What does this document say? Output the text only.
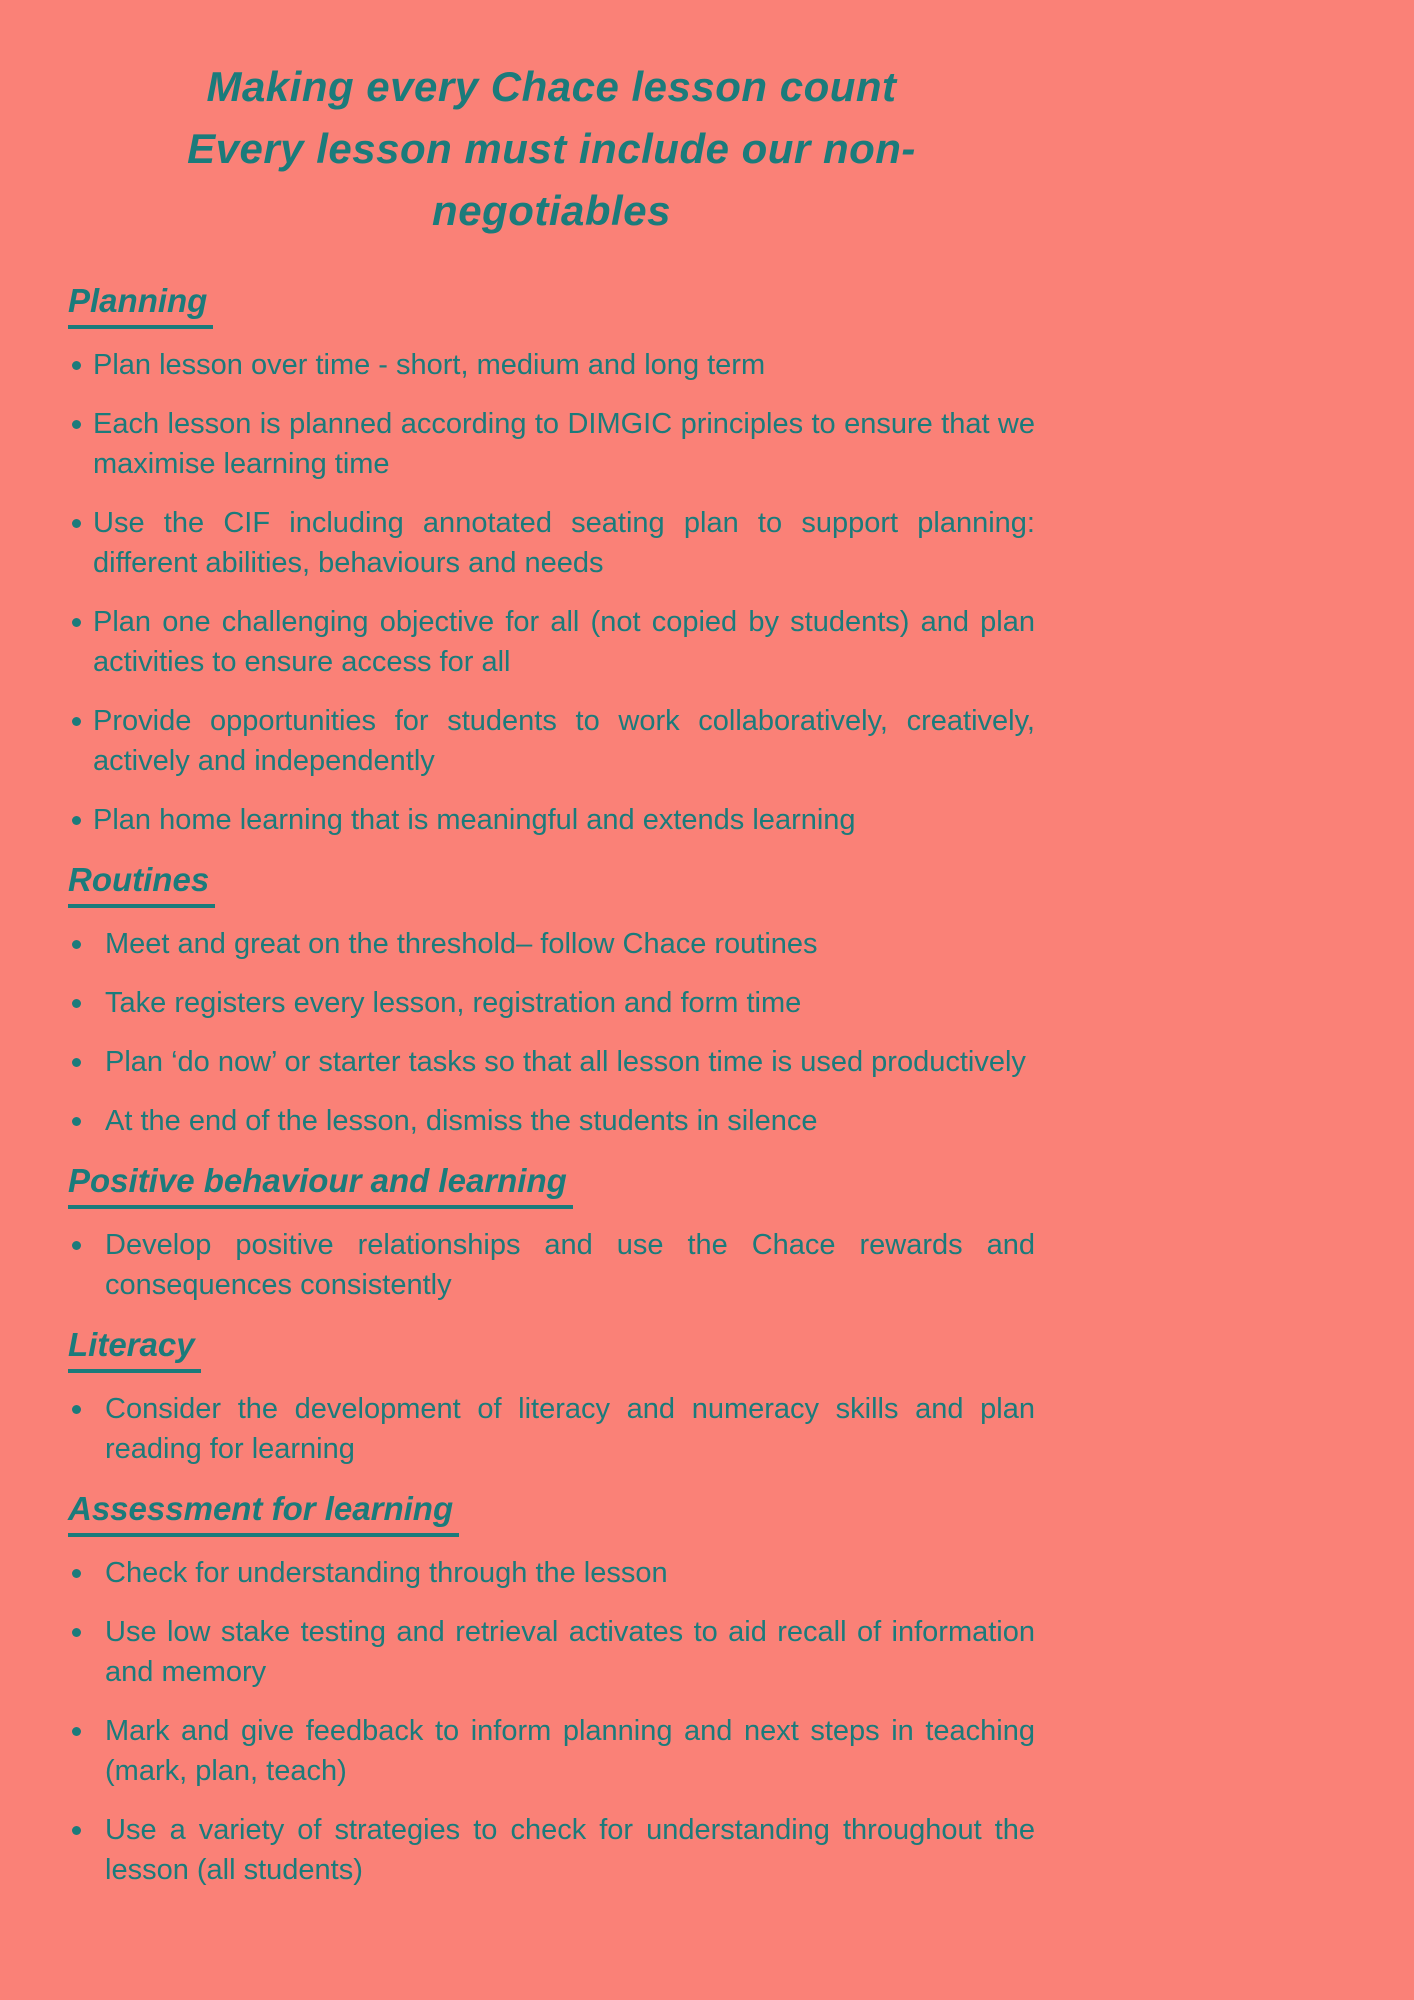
Making every Chace lesson count
Every lesson must include our non-negotiables
Planning

Plan lesson over time - short, medium and long term

Each lesson is planned according to DIMGIC principles to ensure that we maximise learning time

Use the CIF including annotated seating plan to support planning: different abilities, behaviours and needs

Plan one challenging objective for all (not copied by students) and plan activities to ensure access for all

Provide opportunities for students to work collaboratively, creatively, actively and independently

Plan home learning that is meaningful and extends learning

Routines

Meet and great on the threshold– follow Chace routines

Take registers every lesson, registration and form time

Plan ‘do now’ or starter tasks so that all lesson time is used productively

At the end of the lesson, dismiss the students in silence

Positive behaviour and learning

Develop positive relationships and use the Chace rewards and consequences consistently

Literacy

Consider the development of literacy and numeracy skills and plan reading for learning

Assessment for learning

Check for understanding through the lesson

Use low stake testing and retrieval activates to aid recall of information and memory

Mark and give feedback to inform planning and next steps in teaching (mark, plan, teach)

Use a variety of strategies to check for understanding throughout the lesson (all students)
